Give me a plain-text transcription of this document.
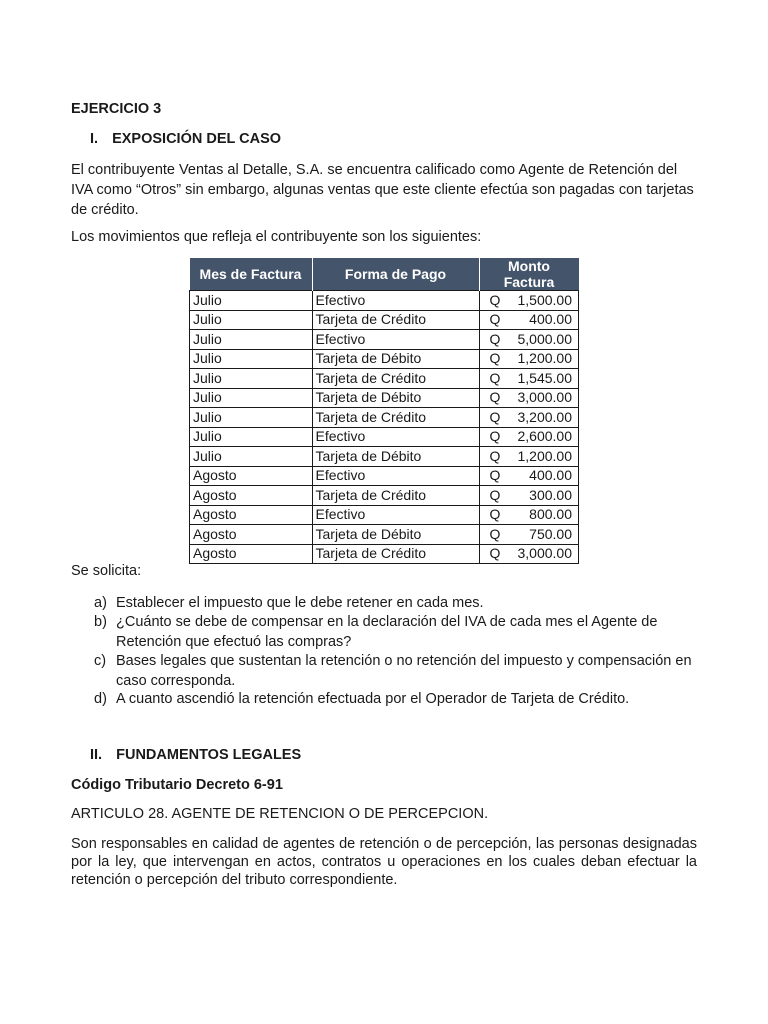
EJERCICIO 3
I. EXPOSICIÓN DEL CASO
El contribuyente Ventas al Detalle, S.A. se encuentra calificado como Agente de Retención del IVA como “Otros” sin embargo, algunas ventas que este cliente efectúa son pagadas con tarjetas de crédito.
Los movimientos que refleja el contribuyente son los siguientes:
Mes de Factura	Forma de Pago	Monto Factura	
Julio	Efectivo	Q	1,500.00
Julio	Tarjeta de Crédito	Q	400.00
Julio	Efectivo	Q	5,000.00
Julio	Tarjeta de Débito	Q	1,200.00
Julio	Tarjeta de Crédito	Q	1,545.00
Julio	Tarjeta de Débito	Q	3,000.00
Julio	Tarjeta de Crédito	Q	3,200.00
Julio	Efectivo	Q	2,600.00
Julio	Tarjeta de Débito	Q	1,200.00
Agosto	Efectivo	Q	400.00
Agosto	Tarjeta de Crédito	Q	300.00
Agosto	Efectivo	Q	800.00
Agosto	Tarjeta de Débito	Q	750.00
Agosto	Tarjeta de Crédito	Q	3,000.00
Se solicita:
a) Establecer el impuesto que le debe retener en cada mes.
b) ¿Cuánto se debe de compensar en la declaración del IVA de cada mes el Agente de Retención que efectuó las compras?
c) Bases legales que sustentan la retención o no retención del impuesto y compensación en caso corresponda.
d) A cuanto ascendió la retención efectuada por el Operador de Tarjeta de Crédito.
II. FUNDAMENTOS LEGALES
Código Tributario Decreto 6-91
ARTICULO 28. AGENTE DE RETENCION O DE PERCEPCION.
Son responsables en calidad de agentes de retención o de percepción, las personas designadas por la ley, que intervengan en actos, contratos u operaciones en los cuales deban efectuar la retención o percepción del tributo correspondiente.
